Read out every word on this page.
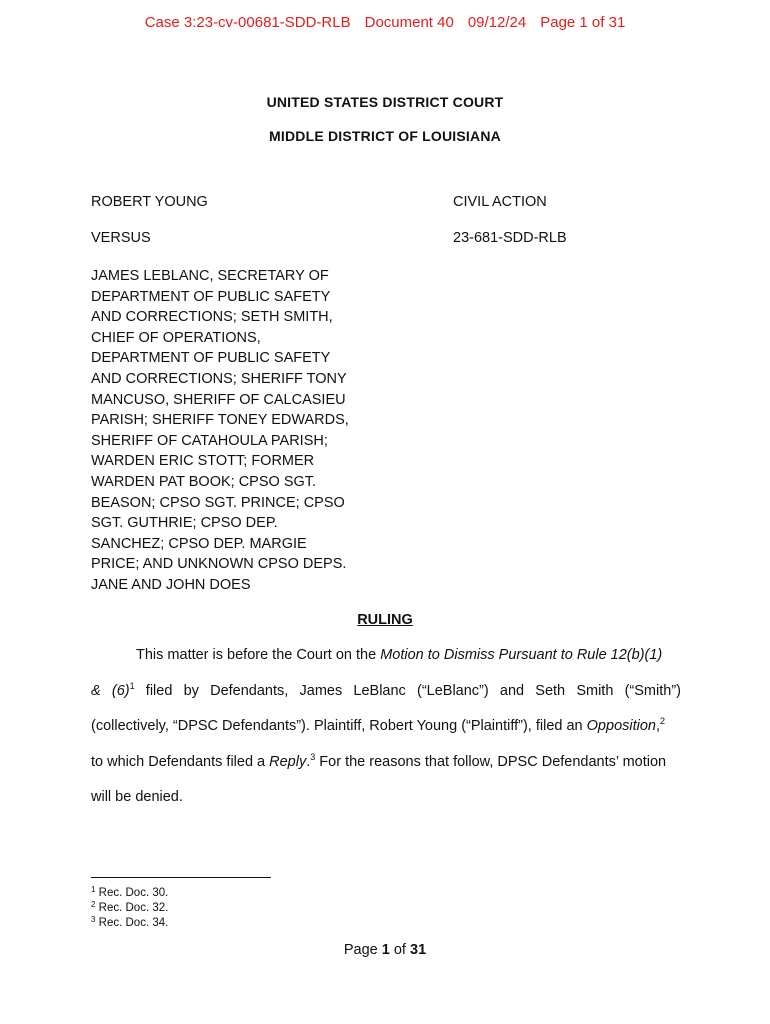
Case 3:23-cv-00681-SDD-RLB Document 40 09/12/24 Page 1 of 31
UNITED STATES DISTRICT COURT
MIDDLE DISTRICT OF LOUISIANA
ROBERT YOUNG
VERSUS
JAMES LEBLANC, SECRETARY OF
DEPARTMENT OF PUBLIC SAFETY
AND CORRECTIONS; SETH SMITH,
CHIEF OF OPERATIONS,
DEPARTMENT OF PUBLIC SAFETY
AND CORRECTIONS; SHERIFF TONY
MANCUSO, SHERIFF OF CALCASIEU
PARISH; SHERIFF TONEY EDWARDS,
SHERIFF OF CATAHOULA PARISH;
WARDEN ERIC STOTT; FORMER
WARDEN PAT BOOK; CPSO SGT.
BEASON; CPSO SGT. PRINCE; CPSO
SGT. GUTHRIE; CPSO DEP.
SANCHEZ; CPSO DEP. MARGIE
PRICE; AND UNKNOWN CPSO DEPS.
JANE AND JOHN DOES
CIVIL ACTION
23-681-SDD-RLB
RULING
This matter is before the Court on the Motion to Dismiss Pursuant to Rule 12(b)(1)
& $(6)^1$ filed by Defendants, James LeBlanc (“LeBlanc”) and Seth Smith (“Smith”)
(collectively, “DPSC Defendants”). Plaintiff, Robert Young (“Plaintiff”), filed an Opposition,$^2$
to which Defendants filed a Reply.$^3$ For the reasons that follow, DPSC Defendants’ motion
will be denied.
$^1$ Rec. Doc. 30.
$^2$ Rec. Doc. 32.
$^3$ Rec. Doc. 34.
Page 1 of 31
